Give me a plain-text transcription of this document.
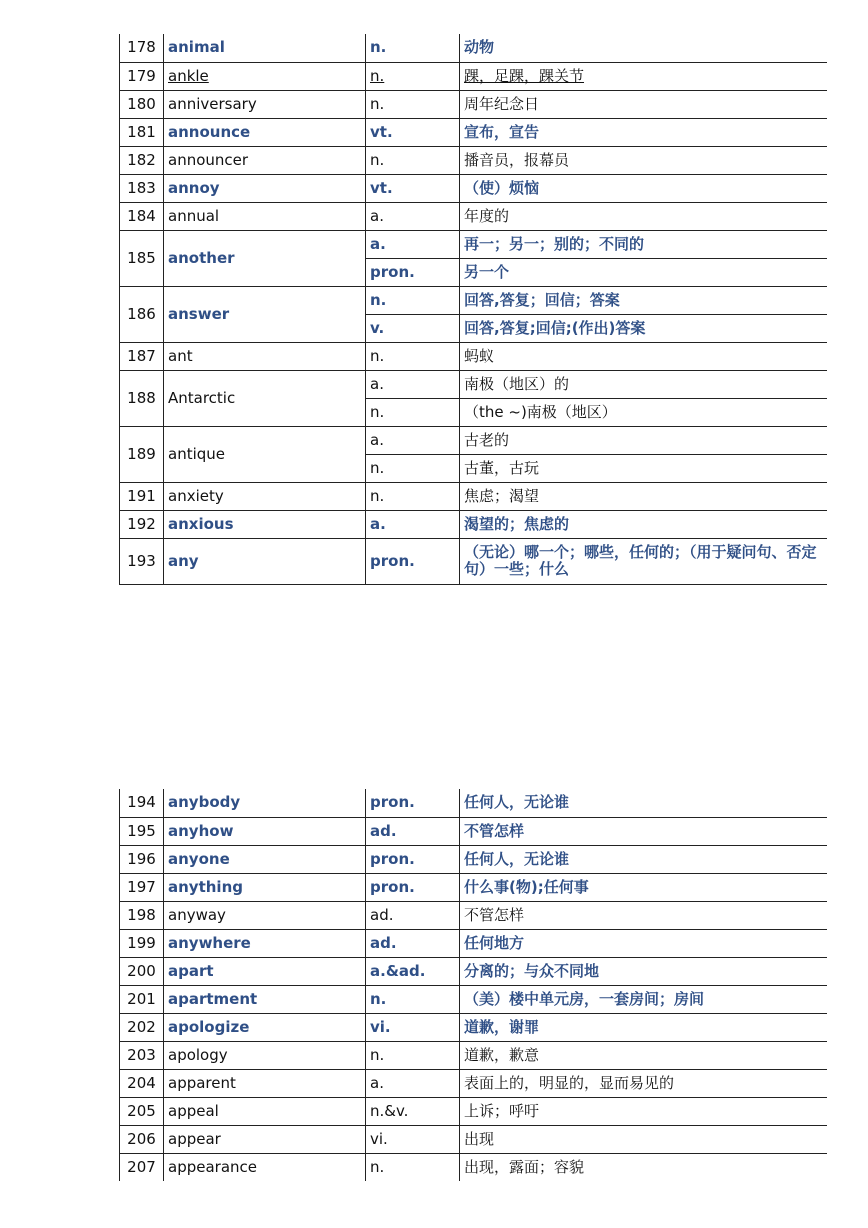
178	animal	n.	动物
179	ankle	n.	踝，足踝，踝关节
180	anniversary	n.	周年纪念日
181	announce	vt.	宣布，宣告
182	announcer	n.	播音员，报幕员
183	annoy	vt.	（使）烦恼
184	annual	a.	年度的
185	another	a.	再一；另一；别的；不同的
		pron.	另一个
186	answer	n.	回答,答复；回信；答案
		v.	回答,答复;回信;(作出)答案
187	ant	n.	蚂蚁
188	Antarctic	a.	南极（地区）的
		n.	（the ~)南极（地区）
189	antique	a.	古老的
		n.	古董，古玩
191	anxiety	n.	焦虑；渴望
192	anxious	a.	渴望的；焦虑的
193	any	pron.	（无论）哪一个；哪些，任何的；（用于疑问句、否定句）一些；什么
194	anybody	pron.	任何人，无论谁
195	anyhow	ad.	不管怎样
196	anyone	pron.	任何人，无论谁
197	anything	pron.	什么事(物);任何事
198	anyway	ad.	不管怎样
199	anywhere	ad.	任何地方
200	apart	a.&ad.	分离的；与众不同地
201	apartment	n.	（美）楼中单元房，一套房间；房间
202	apologize	vi.	道歉，谢罪
203	apology	n.	道歉，歉意
204	apparent	a.	表面上的，明显的，显而易见的
205	appeal	n.&v.	上诉；呼吁
206	appear	vi.	出现
207	appearance	n.	出现，露面；容貌
